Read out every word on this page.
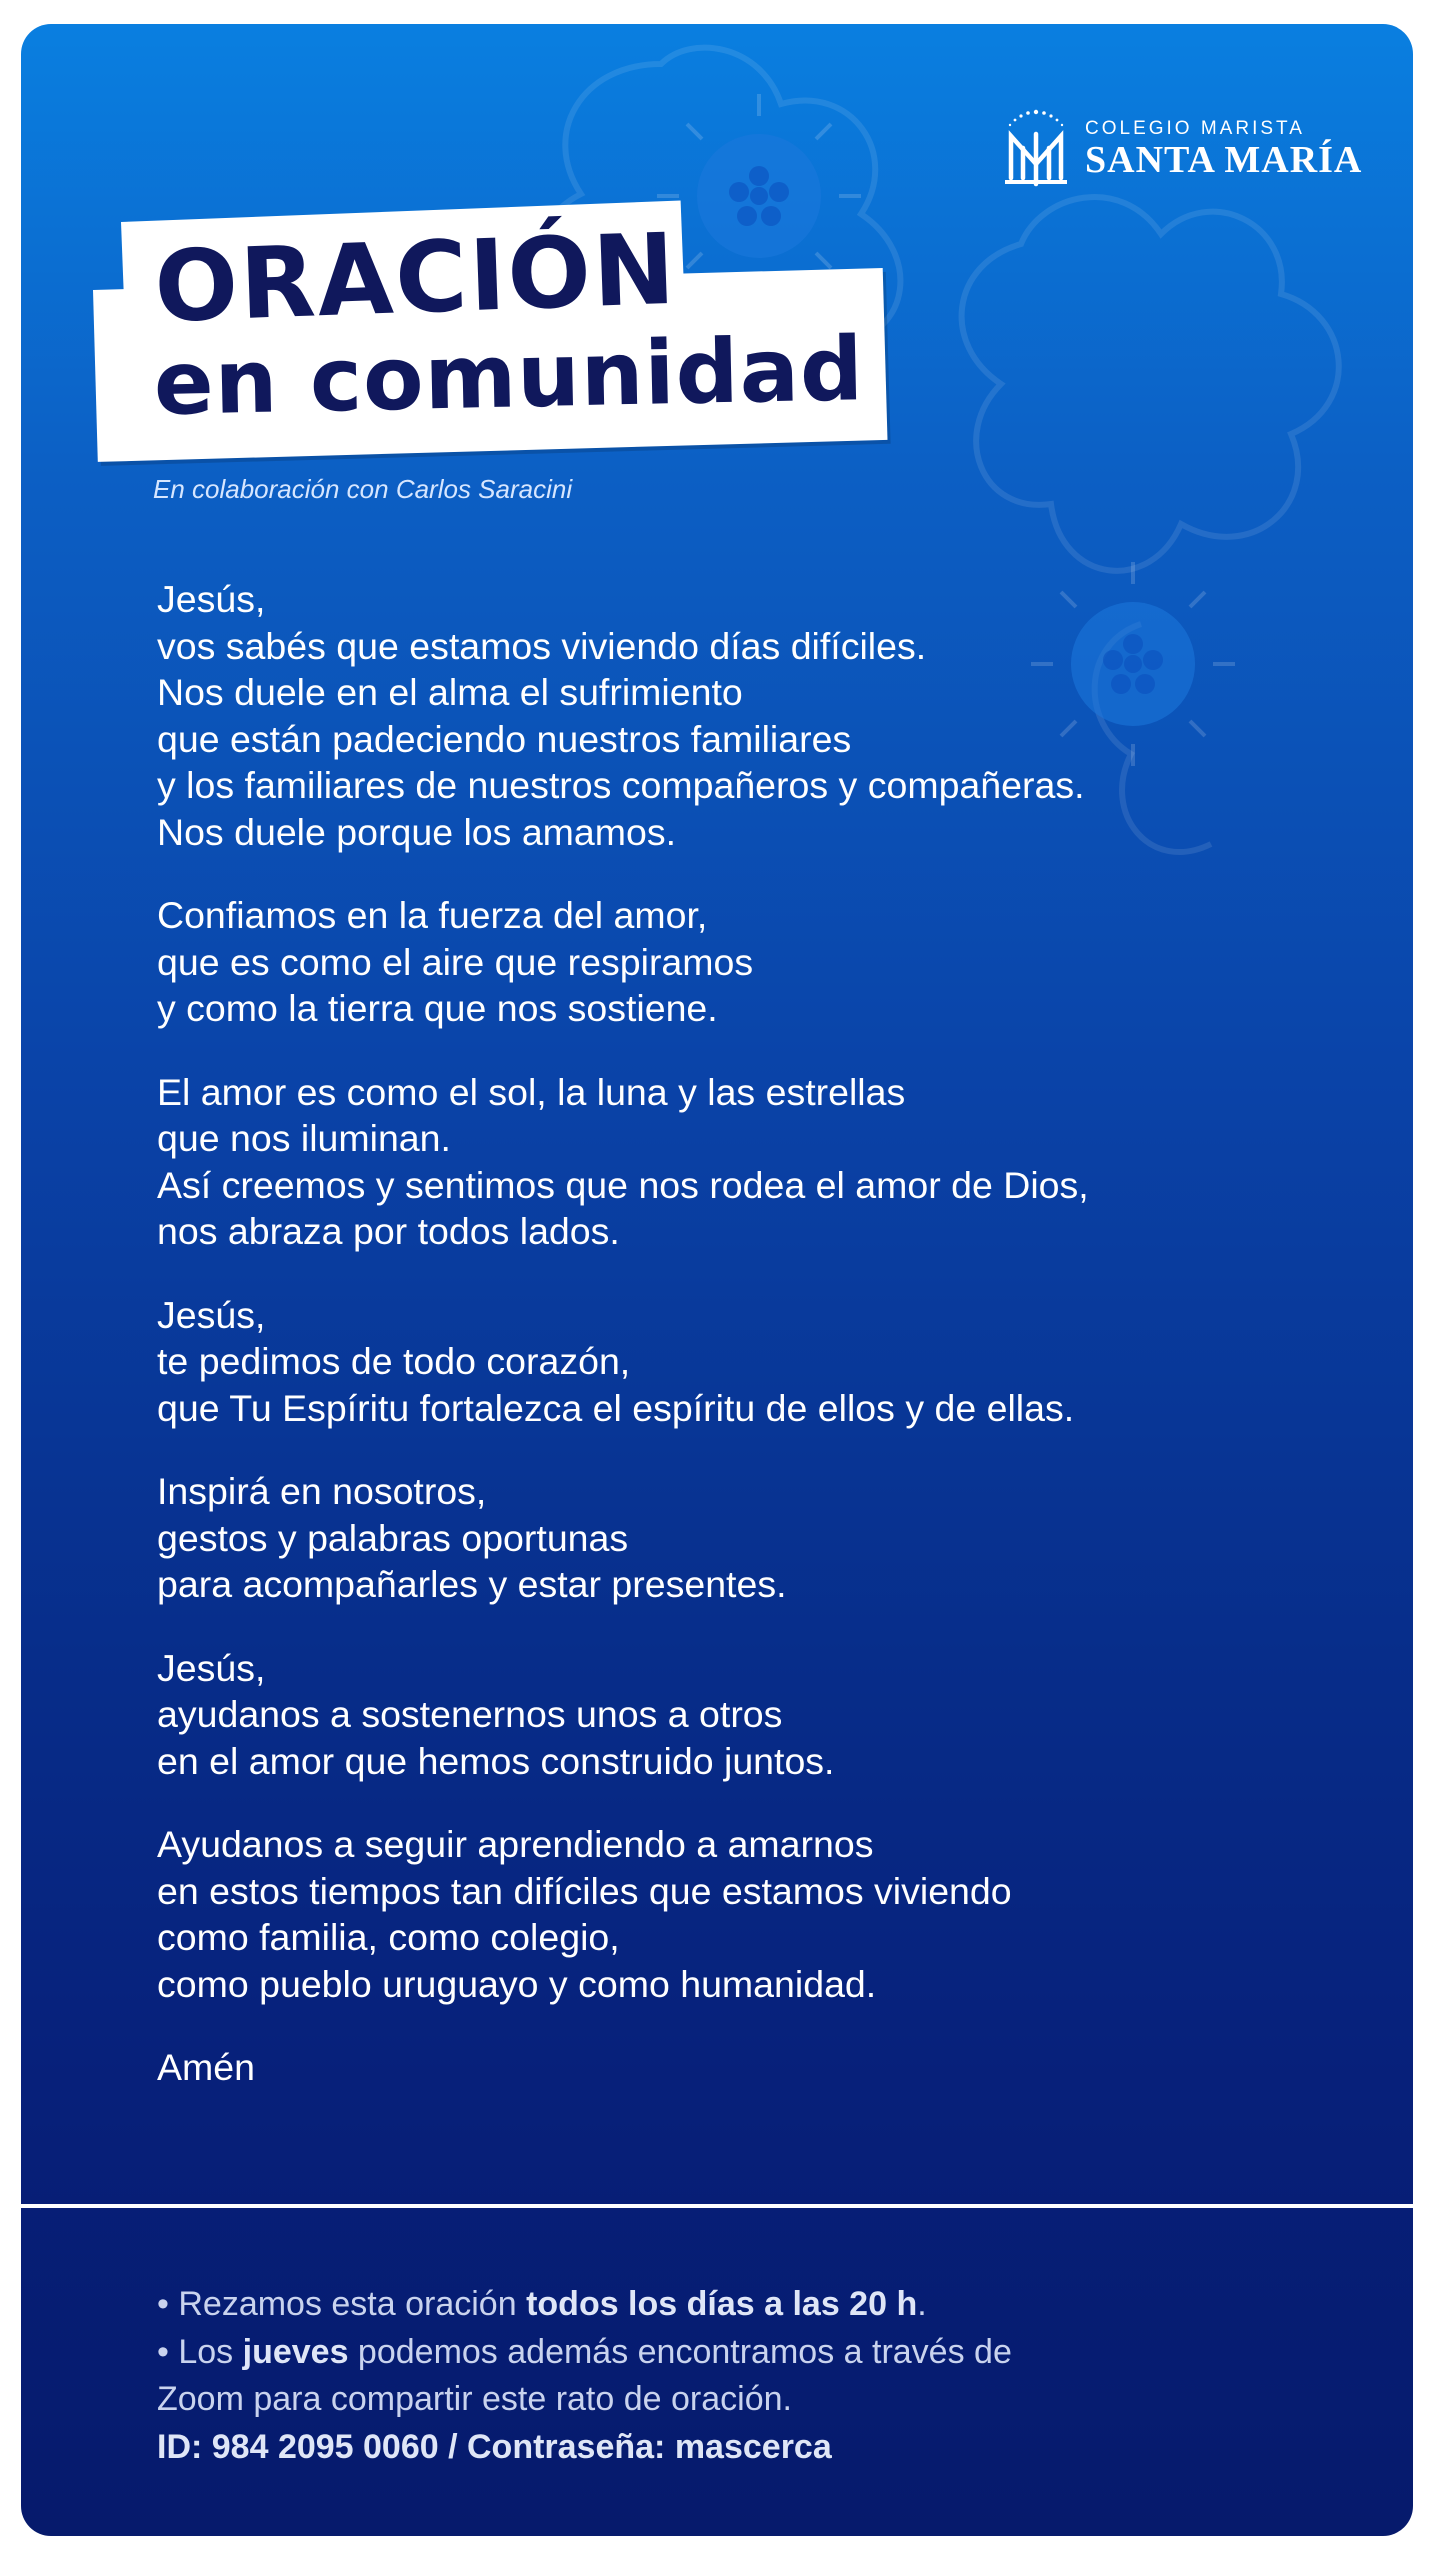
COLEGIO MARISTA
SANTA MARÍA
ORACIÓN
en comunidad
En colaboración con Carlos Saracini
Jesús,
vos sabés que estamos viviendo días difíciles.
Nos duele en el alma el sufrimiento
que están padeciendo nuestros familiares
y los familiares de nuestros compañeros y compañeras.
Nos duele porque los amamos.
Confiamos en la fuerza del amor,
que es como el aire que respiramos
y como la tierra que nos sostiene.
El amor es como el sol, la luna y las estrellas
que nos iluminan.
Así creemos y sentimos que nos rodea el amor de Dios,
nos abraza por todos lados.
Jesús,
te pedimos de todo corazón,
que Tu Espíritu fortalezca el espíritu de ellos y de ellas.
Inspirá en nosotros,
gestos y palabras oportunas
para acompañarles y estar presentes.
Jesús,
ayudanos a sostenernos unos a otros
en el amor que hemos construido juntos.
Ayudanos a seguir aprendiendo a amarnos
en estos tiempos tan difíciles que estamos viviendo
como familia, como colegio,
como pueblo uruguayo y como humanidad.
Amén
• Rezamos esta oración todos los días a las 20 h.
• Los jueves podemos además encontramos a través de
Zoom para compartir este rato de oración.
ID: 984 2095 0060 / Contraseña: mascerca
